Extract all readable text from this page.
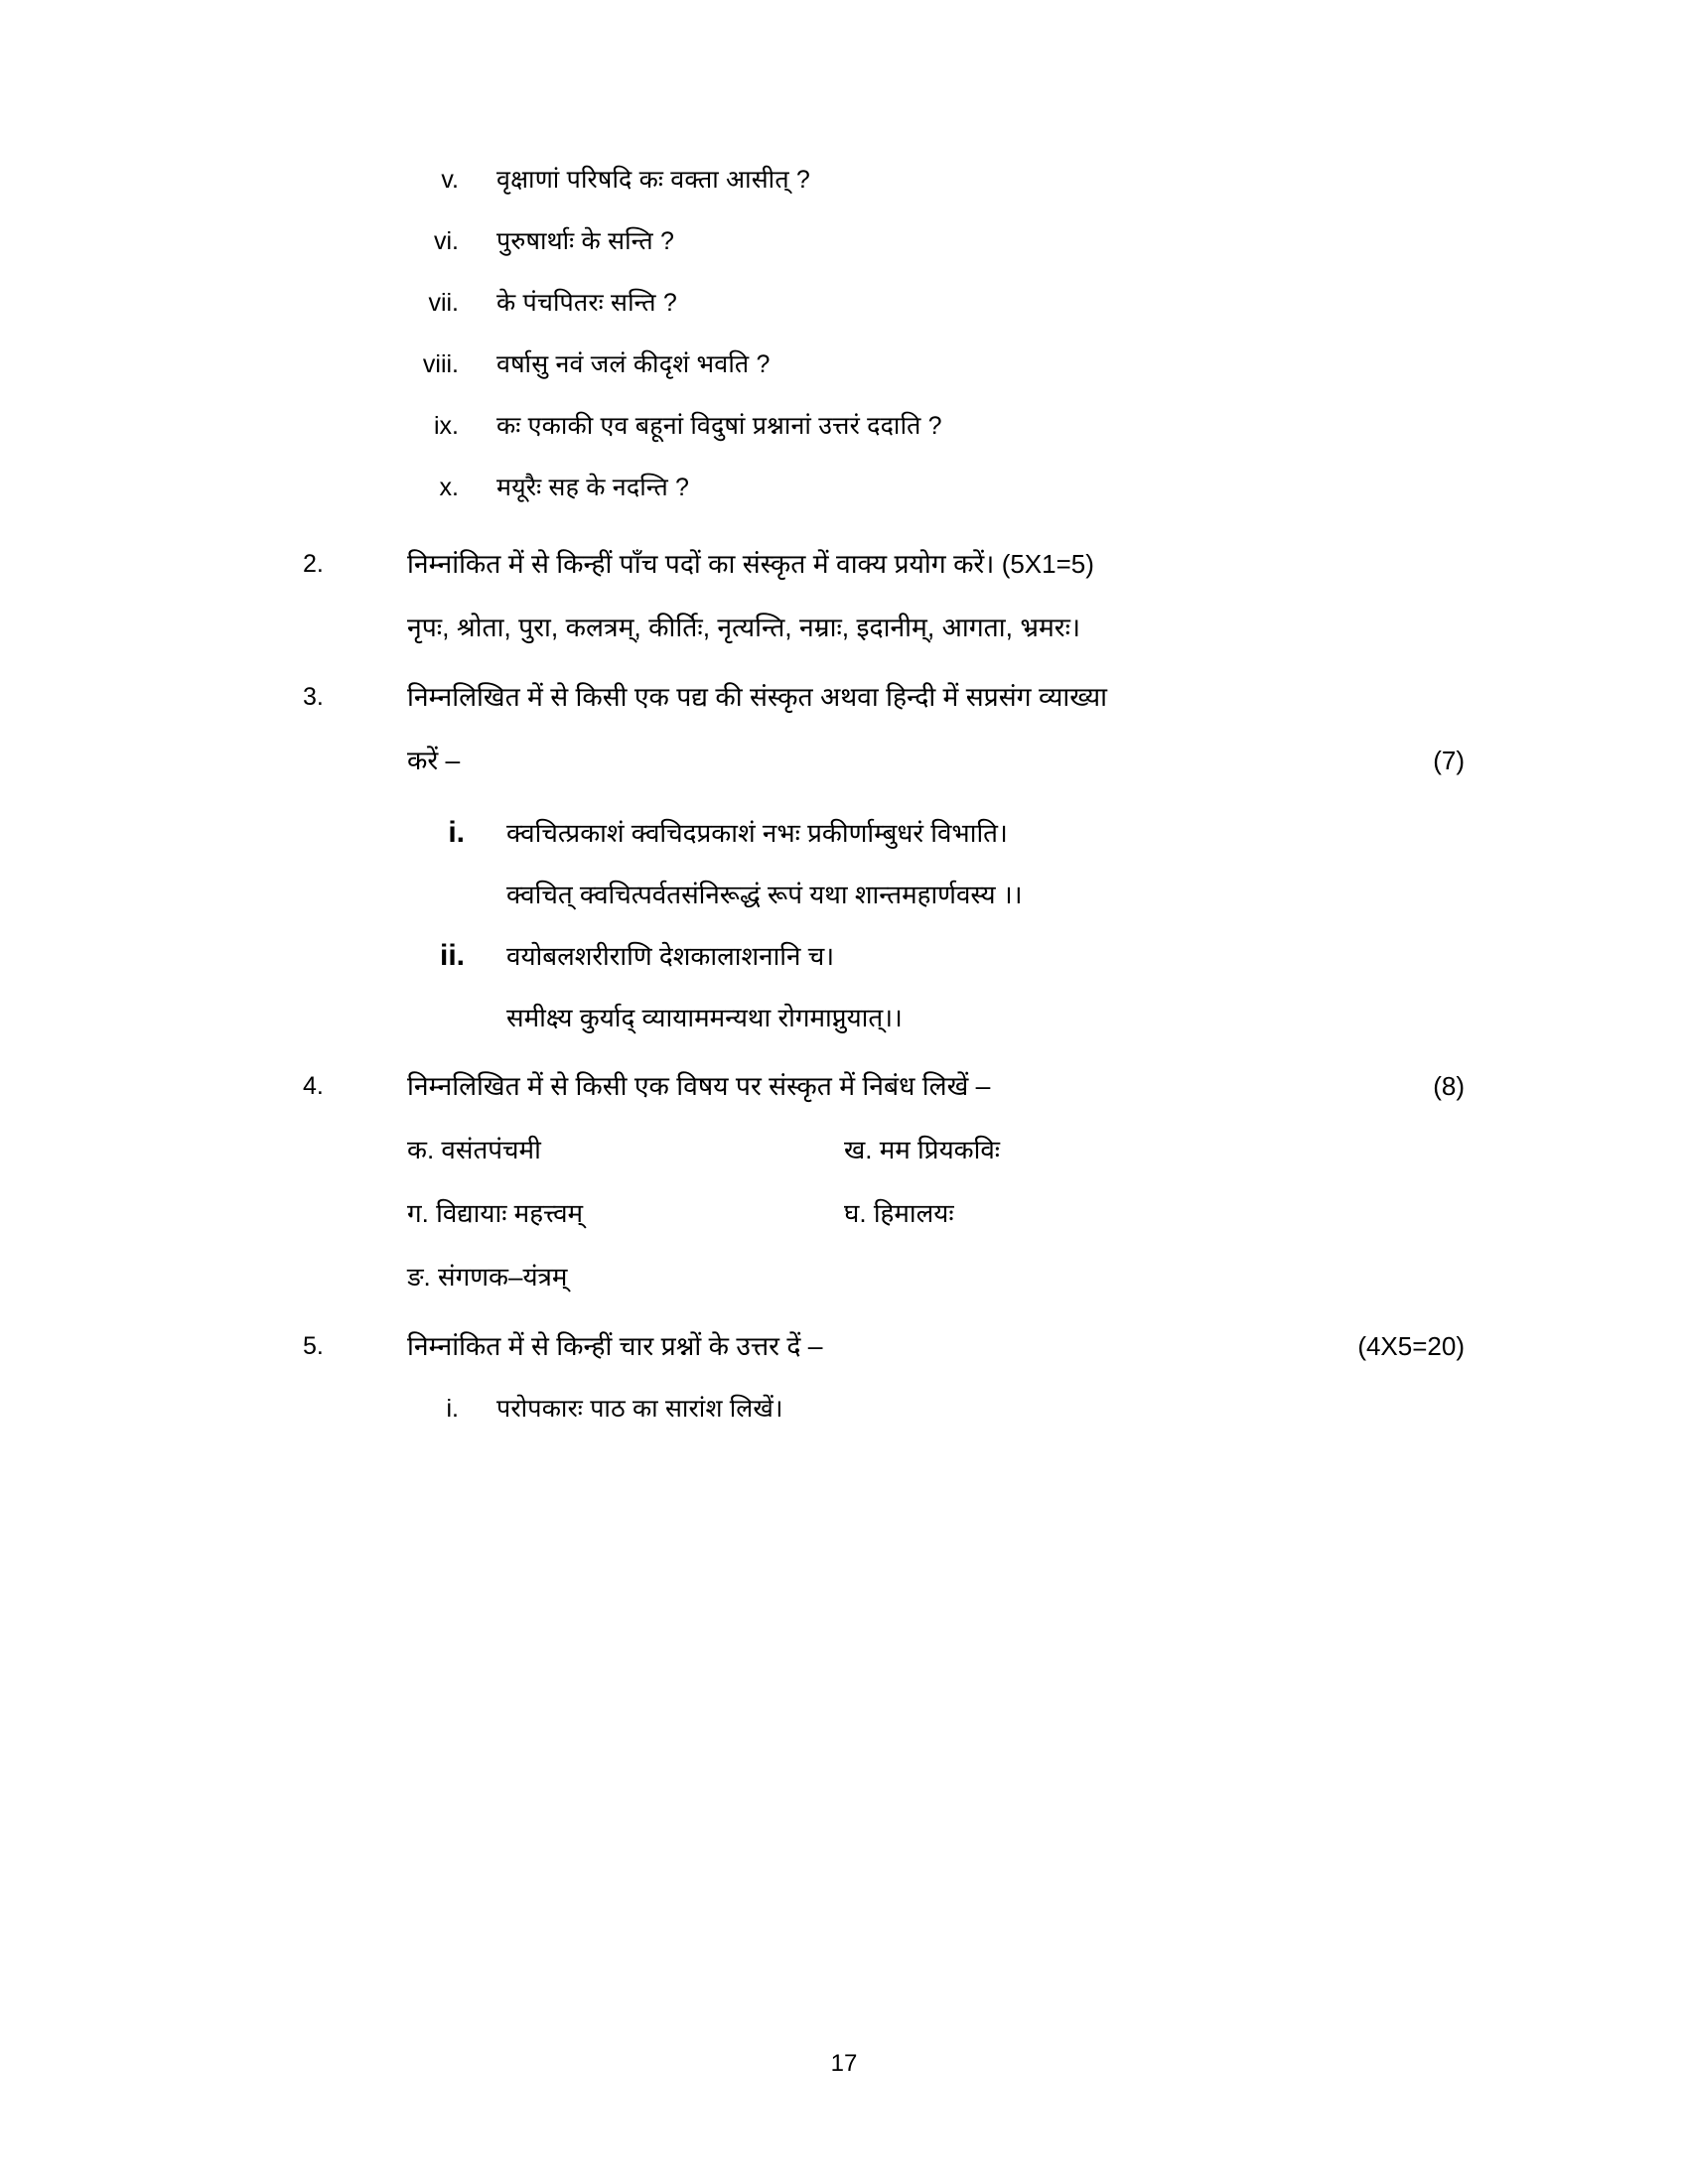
v.	वृक्षाणां परिषदि कः वक्ता आसीत् ?
vi.	पुरुषार्थाः के सन्ति ?
vii.	के पंचपितरः सन्ति ?
viii.	वर्षासु नवं जलं कीदृशं भवति ?
ix.	कः एकाकी एव बहूनां विदुषां प्रश्नानां उत्तरं ददाति ?
x.	मयूरैः सह के नदन्ति ?
2.	निम्नांकित में से किन्हीं पाँच पदों का संस्कृत में वाक्य प्रयोग करें। (5X1=5)
नृपः, श्रोता, पुरा, कलत्रम्, कीर्तिः, नृत्यन्ति, नम्राः, इदानीम्, आगता, भ्रमरः।
3.	निम्नलिखित में से किसी एक पद्य की संस्कृत अथवा हिन्दी में सप्रसंग व्याख्या
करें –	(7)
i.	क्वचित्प्रकाशं क्वचिदप्रकाशं नभः प्रकीर्णाम्बुधरं विभाति।
क्वचित् क्वचित्पर्वतसंनिरूद्धं रूपं यथा शान्तमहार्णवस्य ।।
ii.	वयोबलशरीराणि देशकालाशनानि च।
समीक्ष्य कुर्याद् व्यायाममन्यथा रोगमाप्नुयात्।।
4.	निम्नलिखित में से किसी एक विषय पर संस्कृत में निबंध लिखें –	(8)
क. वसंतपंचमी	ख. मम प्रियकविः
ग. विद्यायाः महत्त्वम्	घ. हिमालयः
ङ. संगणक–यंत्रम्
5.	निम्नांकित में से किन्हीं चार प्रश्नों के उत्तर दें –	(4X5=20)
i.	परोपकारः पाठ का सारांश लिखें।
17
